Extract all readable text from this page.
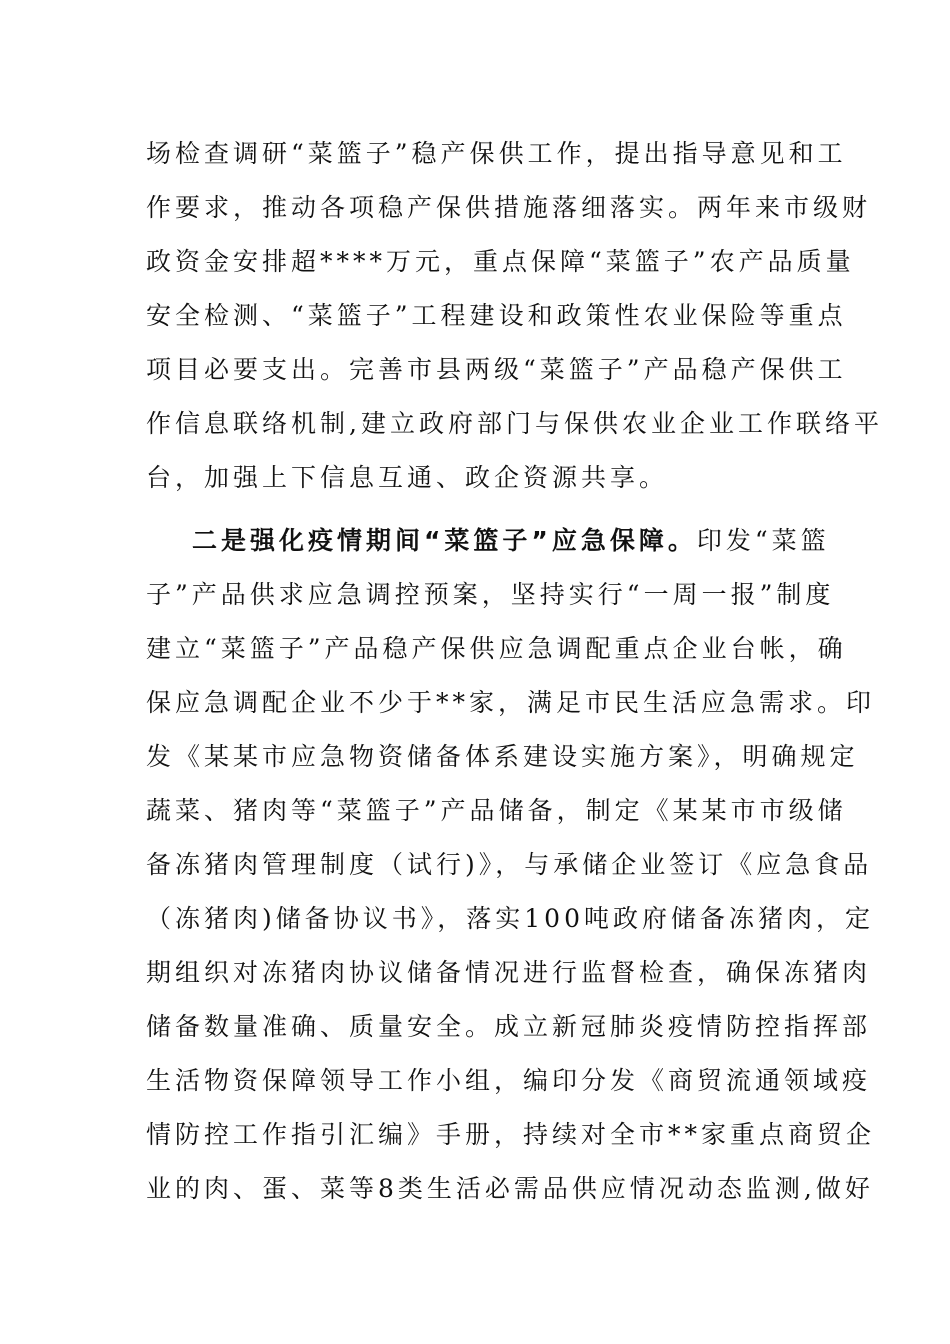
场检查调研“菜篮子”稳产保供工作，提出指导意见和工
作要求，推动各项稳产保供措施落细落实。两年来市级财
政资金安排超****万元，重点保障“菜篮子”农产品质量
安全检测、“菜篮子”工程建设和政策性农业保险等重点
项目必要支出。完善市县两级“菜篮子”产品稳产保供工
作信息联络机制,建立政府部门与保供农业企业工作联络平
台，加强上下信息互通、政企资源共享。
二是强化疫情期间“菜篮子”应急保障。印发“菜篮
子”产品供求应急调控预案，坚持实行“一周一报”制度
建立“菜篮子”产品稳产保供应急调配重点企业台帐，确
保应急调配企业不少于**家，满足市民生活应急需求。印
发《某某市应急物资储备体系建设实施方案》，明确规定
蔬菜、猪肉等“菜篮子”产品储备，制定《某某市市级储
备冻猪肉管理制度（试行)》，与承储企业签订《应急食品
（冻猪肉)储备协议书》，落实100吨政府储备冻猪肉，定
期组织对冻猪肉协议储备情况进行监督检查，确保冻猪肉
储备数量准确、质量安全。成立新冠肺炎疫情防控指挥部
生活物资保障领导工作小组，编印分发《商贸流通领域疫
情防控工作指引汇编》手册，持续对全市**家重点商贸企
业的肉、蛋、菜等8类生活必需品供应情况动态监测,做好
